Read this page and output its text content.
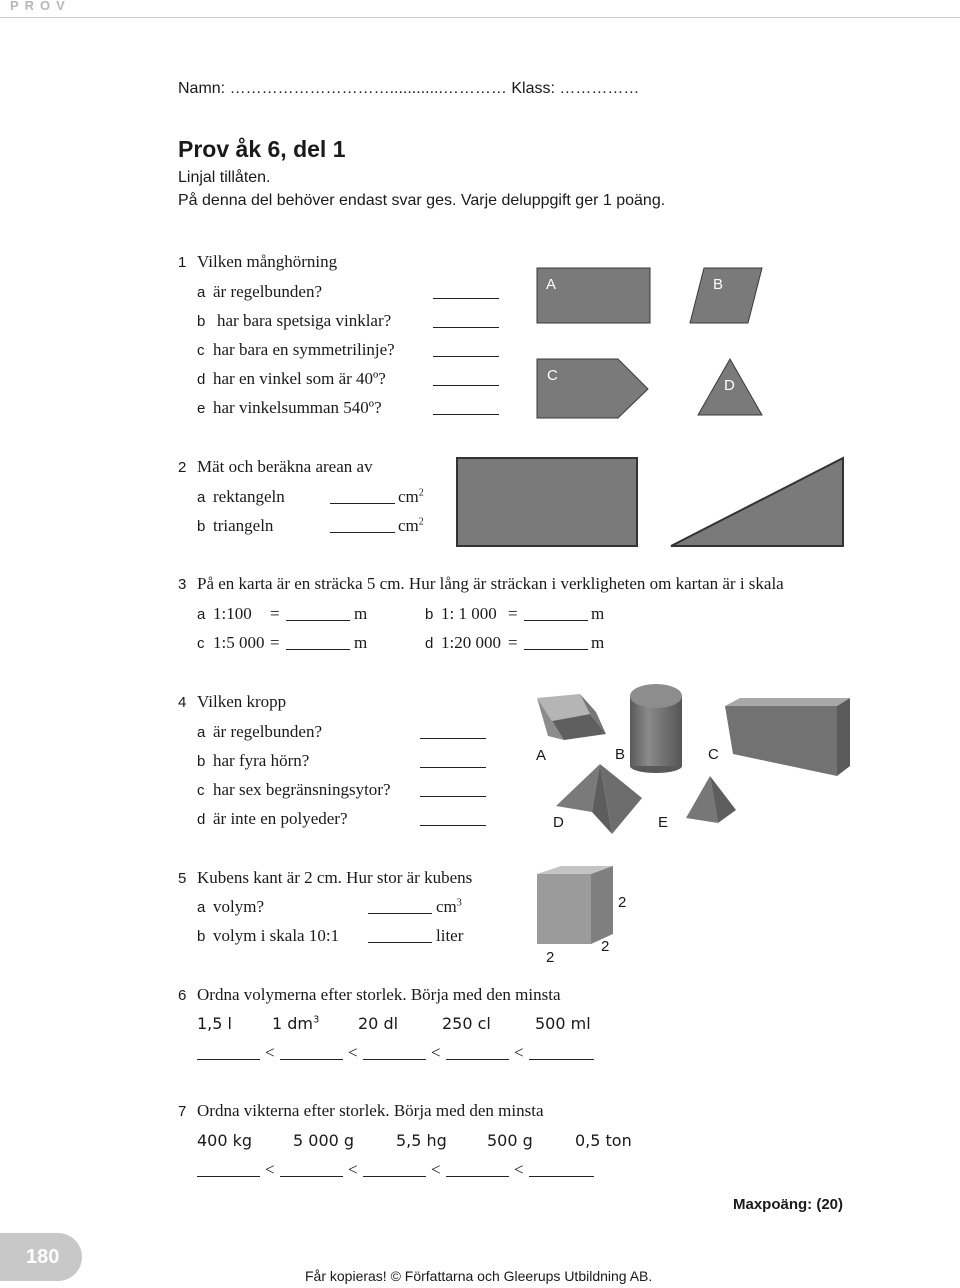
PROV
Namn: …………………………............………… Klass: ……………
Prov åk 6, del 1
Linjal tillåten.
På denna del behöver endast svar ges. Varje deluppgift ger 1 poäng.
1 Vilken månghörning
a är regelbunden?
b har bara spetsiga vinklar?
c har bara en symmetrilinje?
d har en vinkel som är 40º?
e har vinkelsumman 540º?
A	B
C
D
2 Mät och beräkna arean av
a rektangeln	$cm^2$
b triangeln	$cm^2$
3 På en karta är en sträcka 5 cm. Hur lång är sträckan i verkligheten om kartan är i skala
a 1:100 =	m	b 1: 1 000 =	m
c 1:5 000 =	m	d 1:20 000 =	m
4 Vilken kropp
a är regelbunden?
b har fyra hörn?
c har sex begränsningsytor?
d är inte en polyeder?
A	B	C
D	E
5 Kubens kant är 2 cm. Hur stor är kubens
a volym?	$cm^3$
b volym i skala 10:1	liter
2
2
2
6 Ordna volymerna efter storlek. Börja med den minsta
1,5 l	1 $dm^3$ 20 dl	250 cl	500 ml
<	<	<	<
7 Ordna vikterna efter storlek. Börja med den minsta
400 kg	5 000 g	5,5 hg	500 g	0,5 ton
<	<	<	<
Maxpoäng: (20)
180
Får kopieras! © Författarna och Gleerups Utbildning AB.
